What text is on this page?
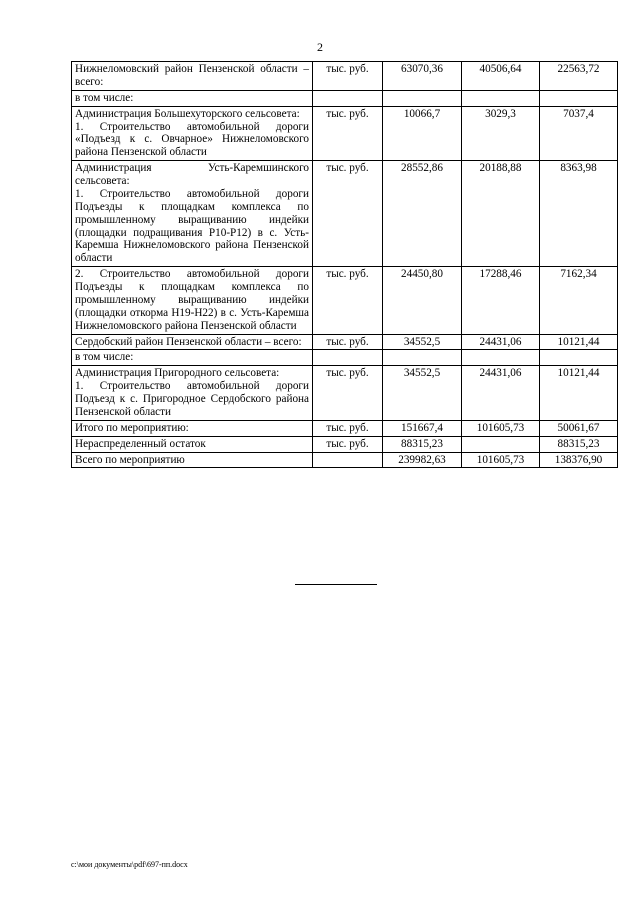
2
Нижнеломовский район Пензенской области – всего:	тыс. руб.	63070,36	40506,64	22563,72

в том числе:				

Администрация Большехуторского сельсовета:
1. Строительство автомобильной дороги «Подъезд к с. Овчарное» Нижнеломовского района Пензенской области	тыс. руб.	10066,7	3029,3	7037,4

Администрация Усть-Каремшинского сельсовета:
1. Строительство автомобильной дороги Подъезды к площадкам комплекса по промышленному выращиванию индейки (площадки подращивания Р10-Р12) в с. Усть-Каремша Нижнеломовского района Пензенской области	тыс. руб.	28552,86	20188,88	8363,98

2. Строительство автомобильной дороги Подъезды к площадкам комплекса по промышленному выращиванию индейки (площадки откорма Н19-Н22) в с. Усть-Каремша Нижнеломовского района Пензенской области	тыс. руб.	24450,80	17288,46	7162,34

Сердобский район Пензенской области – всего:	тыс. руб.	34552,5	24431,06	10121,44

в том числе:				

Администрация Пригородного сельсовета:
1. Строительство автомобильной дороги Подъезд к с. Пригородное Сердобского района Пензенской области	тыс. руб.	34552,5	24431,06	10121,44

Итого по мероприятию:	тыс. руб.	151667,4	101605,73	50061,67

Нераспределенный остаток	тыс. руб.	88315,23		88315,23

Всего по мероприятию		239982,63	101605,73	138376,90
c:\мои документы\pdf\697-пп.docx
